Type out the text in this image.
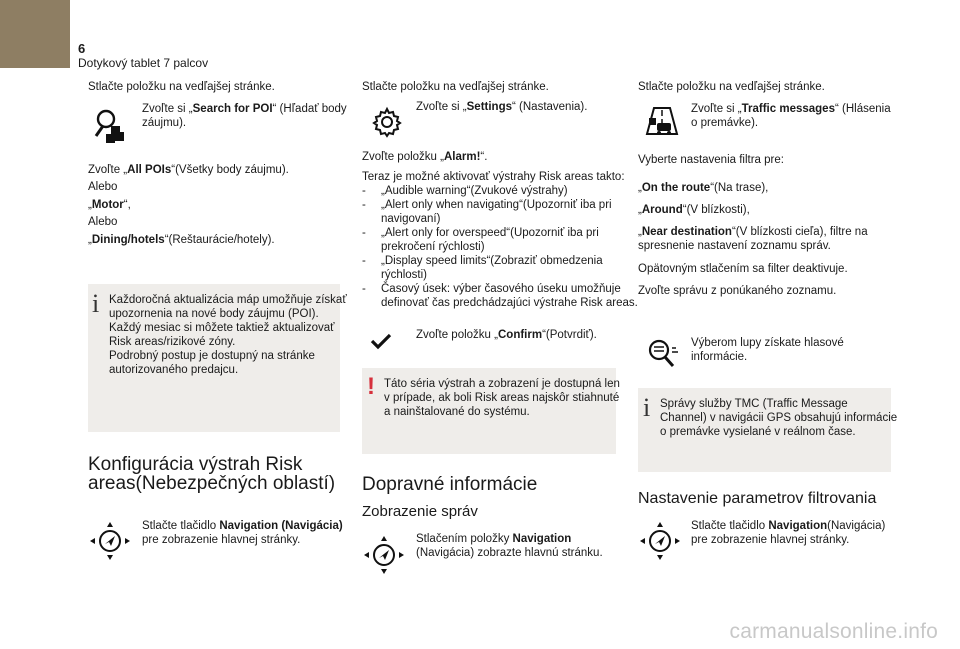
6
Dotykový tablet 7 palcov
Stlačte položku na vedľajšej stránke.
Zvoľte si „Search for POI“ (Hľadať body
záujmu).
Zvoľte „All POIs“(Všetky body záujmu).
Alebo
„Motor“,
Alebo
„Dining/hotels“(Reštaurácie/hotely).
i Každoročná aktualizácia máp umožňuje získať
upozornenia na nové body záujmu (POI).
Každý mesiac si môžete taktiež aktualizovať
Risk areas/rizikové zóny.
Podrobný postup je dostupný na stránke
autorizovaného predajcu.
Konfigurácia výstrah Risk
areas(Nebezpečných oblastí)
Stlačte tlačidlo Navigation (Navigácia)
pre zobrazenie hlavnej stránky.
Stlačte položku na vedľajšej stránke.
Zvoľte si „Settings“ (Nastavenia).
Zvoľte položku „Alarm!“.
Teraz je možné aktivovať výstrahy Risk areas takto:
- „Audible warning“(Zvukové výstrahy)
- „Alert only when navigating“(Upozorniť iba pri
navigovaní)
- „Alert only for overspeed“(Upozorniť iba pri
prekročení rýchlosti)
- „Display speed limits“(Zobraziť obmedzenia
rýchlosti)
- Časový úsek: výber časového úseku umožňuje
definovať čas predchádzajúci výstrahe Risk areas.
Zvoľte položku „Confirm“(Potvrdiť).
! Táto séria výstrah a zobrazení je dostupná len
v prípade, ak boli Risk areas najskôr stiahnuté
a nainštalované do systému.
Dopravné informácie
Zobrazenie správ
Stlačením položky Navigation
(Navigácia) zobrazte hlavnú stránku.
Stlačte položku na vedľajšej stránke.
Zvoľte si „Traffic messages“ (Hlásenia
o premávke).
Vyberte nastavenia filtra pre:
„On the route“(Na trase),
„Around“(V blízkosti),
„Near destination“(V blízkosti cieľa), filtre na
spresnenie nastavení zoznamu správ.
Opätovným stlačením sa filter deaktivuje.
Zvoľte správu z ponúkaného zoznamu.
Výberom lupy získate hlasové
informácie.
i Správy služby TMC (Traffic Message
Channel) v navigácii GPS obsahujú informácie
o premávke vysielané v reálnom čase.
Nastavenie parametrov filtrovania
Stlačte tlačidlo Navigation(Navigácia)
pre zobrazenie hlavnej stránky.
carmanualsonline.info
